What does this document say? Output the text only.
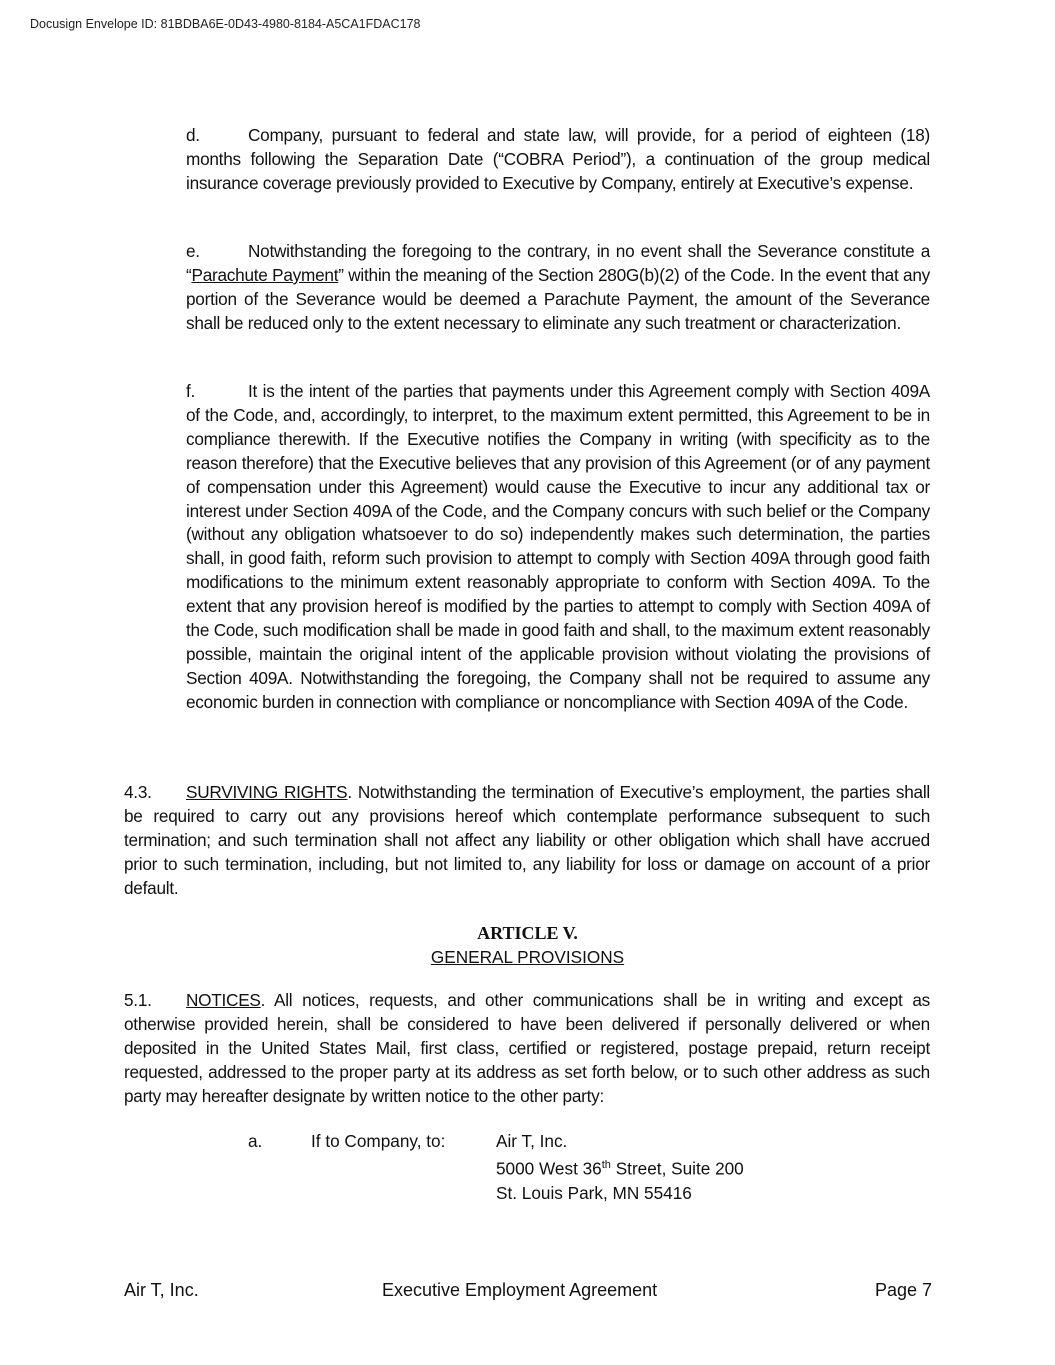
Docusign Envelope ID: 81BDBA6E-0D43-4980-8184-A5CA1FDAC178
d.	Company, pursuant to federal and state law, will provide, for a period of eighteen (18) months following the Separation Date (“COBRA Period”), a continuation of the group medical insurance coverage previously provided to Executive by Company, entirely at Executive’s expense.
e.	Notwithstanding the foregoing to the contrary, in no event shall the Severance constitute a “Parachute Payment” within the meaning of the Section 280G(b)(2) of the Code. In the event that any portion of the Severance would be deemed a Parachute Payment, the amount of the Severance shall be reduced only to the extent necessary to eliminate any such treatment or characterization.
f.	It is the intent of the parties that payments under this Agreement comply with Section 409A of the Code, and, accordingly, to interpret, to the maximum extent permitted, this Agreement to be in compliance therewith. If the Executive notifies the Company in writing (with specificity as to the reason therefore) that the Executive believes that any provision of this Agreement (or of any payment of compensation under this Agreement) would cause the Executive to incur any additional tax or interest under Section 409A of the Code, and the Company concurs with such belief or the Company (without any obligation whatsoever to do so) independently makes such determination, the parties shall, in good faith, reform such provision to attempt to comply with Section 409A through good faith modifications to the minimum extent reasonably appropriate to conform with Section 409A. To the extent that any provision hereof is modified by the parties to attempt to comply with Section 409A of the Code, such modification shall be made in good faith and shall, to the maximum extent reasonably possible, maintain the original intent of the applicable provision without violating the provisions of Section 409A. Notwithstanding the foregoing, the Company shall not be required to assume any economic burden in connection with compliance or noncompliance with Section 409A of the Code.
4.3. SURVIVING RIGHTS. Notwithstanding the termination of Executive’s employment, the parties shall be required to carry out any provisions hereof which contemplate performance subsequent to such termination; and such termination shall not affect any liability or other obligation which shall have accrued prior to such termination, including, but not limited to, any liability for loss or damage on account of a prior default.
ARTICLE V.
GENERAL PROVISIONS
5.1. NOTICES. All notices, requests, and other communications shall be in writing and except as otherwise provided herein, shall be considered to have been delivered if personally delivered or when deposited in the United States Mail, first class, certified or registered, postage prepaid, return receipt requested, addressed to the proper party at its address as set forth below, or to such other address as such party may hereafter designate by written notice to the other party:
a.	If to Company, to:	Air T, Inc.
5000 West 36th Street, Suite 200
St. Louis Park, MN 55416
Air T, Inc.	Executive Employment Agreement	Page 7
